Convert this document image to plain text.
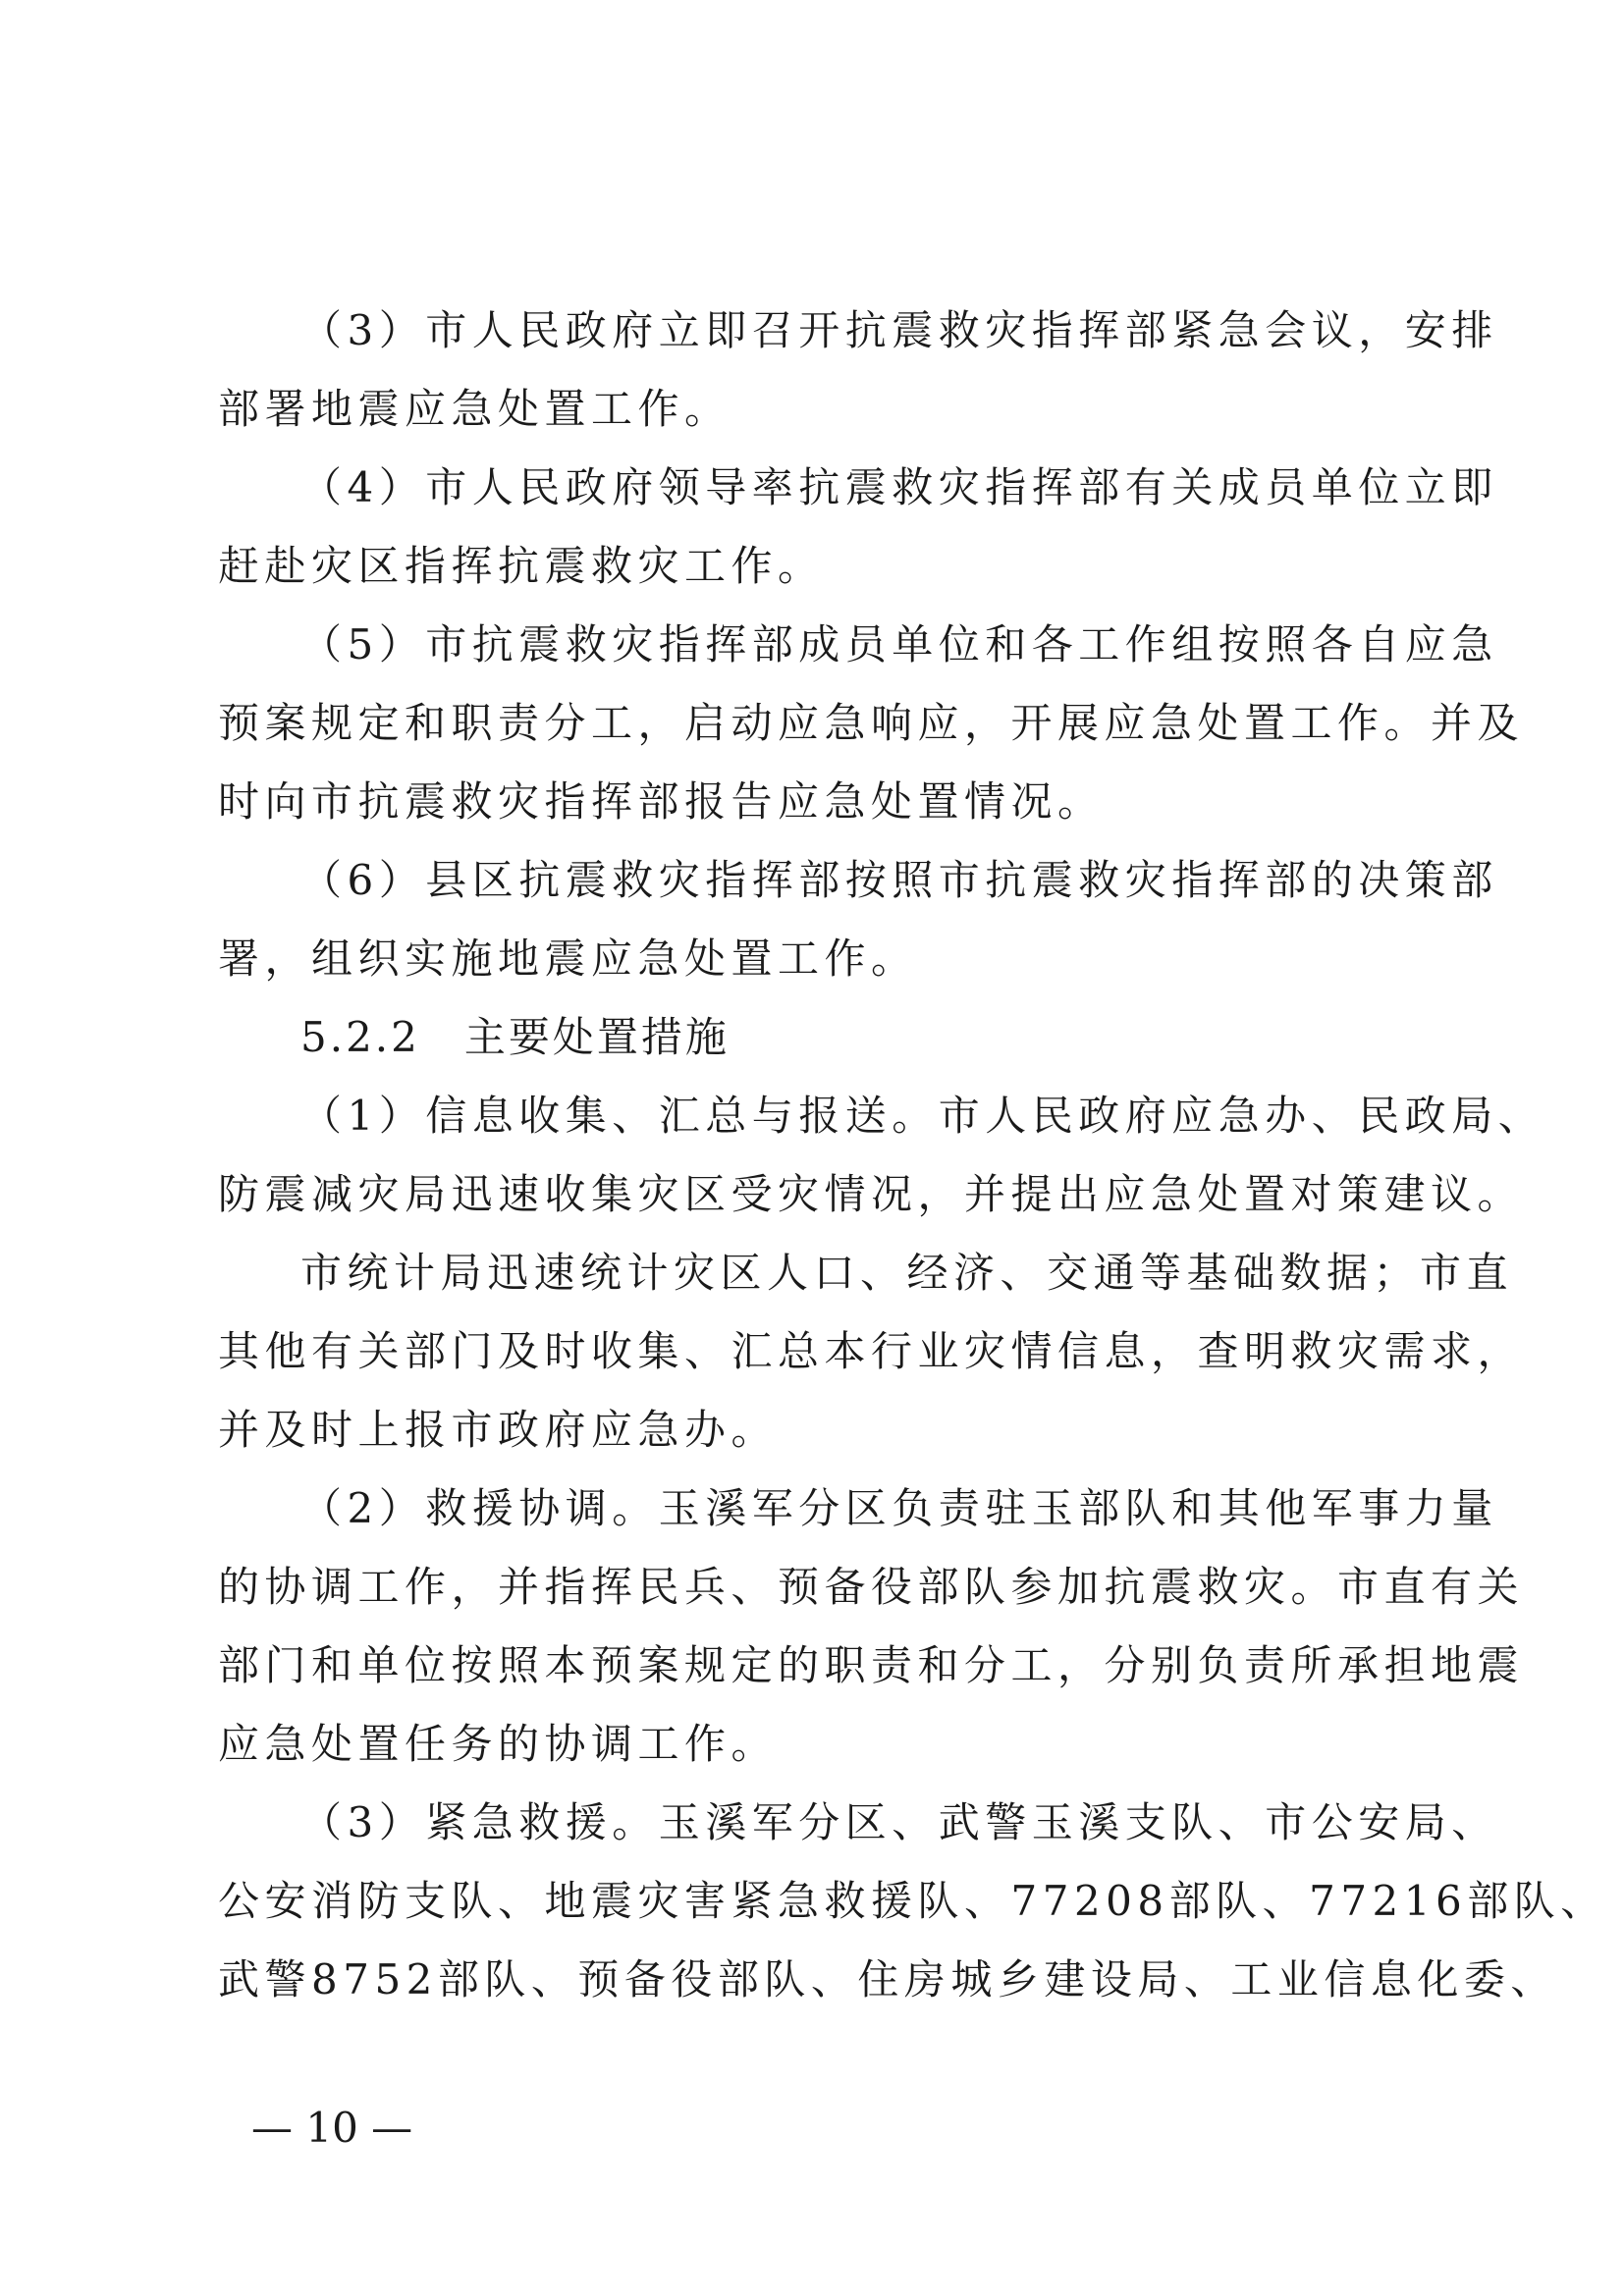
（3）市人民政府立即召开抗震救灾指挥部紧急会议，安排
部署地震应急处置工作。
（4）市人民政府领导率抗震救灾指挥部有关成员单位立即
赶赴灾区指挥抗震救灾工作。
（5）市抗震救灾指挥部成员单位和各工作组按照各自应急
预案规定和职责分工，启动应急响应，开展应急处置工作。并及
时向市抗震救灾指挥部报告应急处置情况。
（6）县区抗震救灾指挥部按照市抗震救灾指挥部的决策部
署，组织实施地震应急处置工作。
5.2.2　主要处置措施
（1）信息收集、汇总与报送。市人民政府应急办、民政局、
防震减灾局迅速收集灾区受灾情况，并提出应急处置对策建议。
市统计局迅速统计灾区人口、经济、交通等基础数据；市直
其他有关部门及时收集、汇总本行业灾情信息，查明救灾需求，
并及时上报市政府应急办。
（2）救援协调。玉溪军分区负责驻玉部队和其他军事力量
的协调工作，并指挥民兵、预备役部队参加抗震救灾。市直有关
部门和单位按照本预案规定的职责和分工，分别负责所承担地震
应急处置任务的协调工作。
（3）紧急救援。玉溪军分区、武警玉溪支队、市公安局、
公安消防支队、地震灾害紧急救援队、77208部队、77216部队、
武警8752部队、预备役部队、住房城乡建设局、工业信息化委、
— 10 —
